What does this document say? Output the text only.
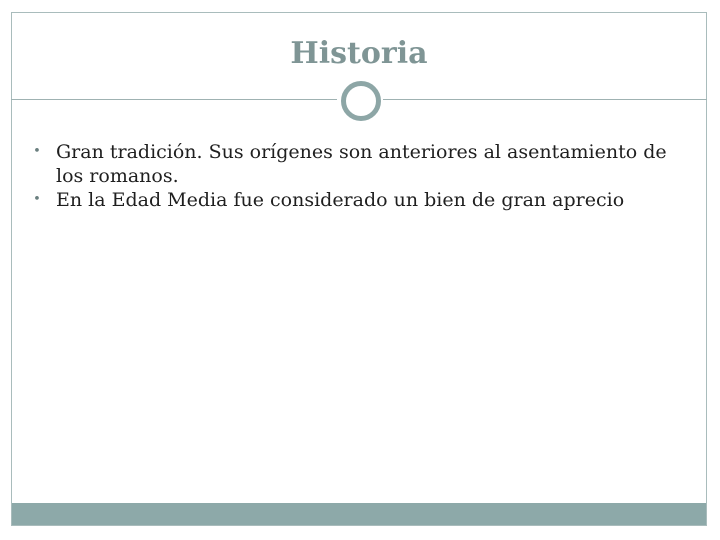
Historia
• Gran tradición. Sus orígenes son anteriores al asentamiento de los romanos.
• En la Edad Media fue considerado un bien de gran aprecio
